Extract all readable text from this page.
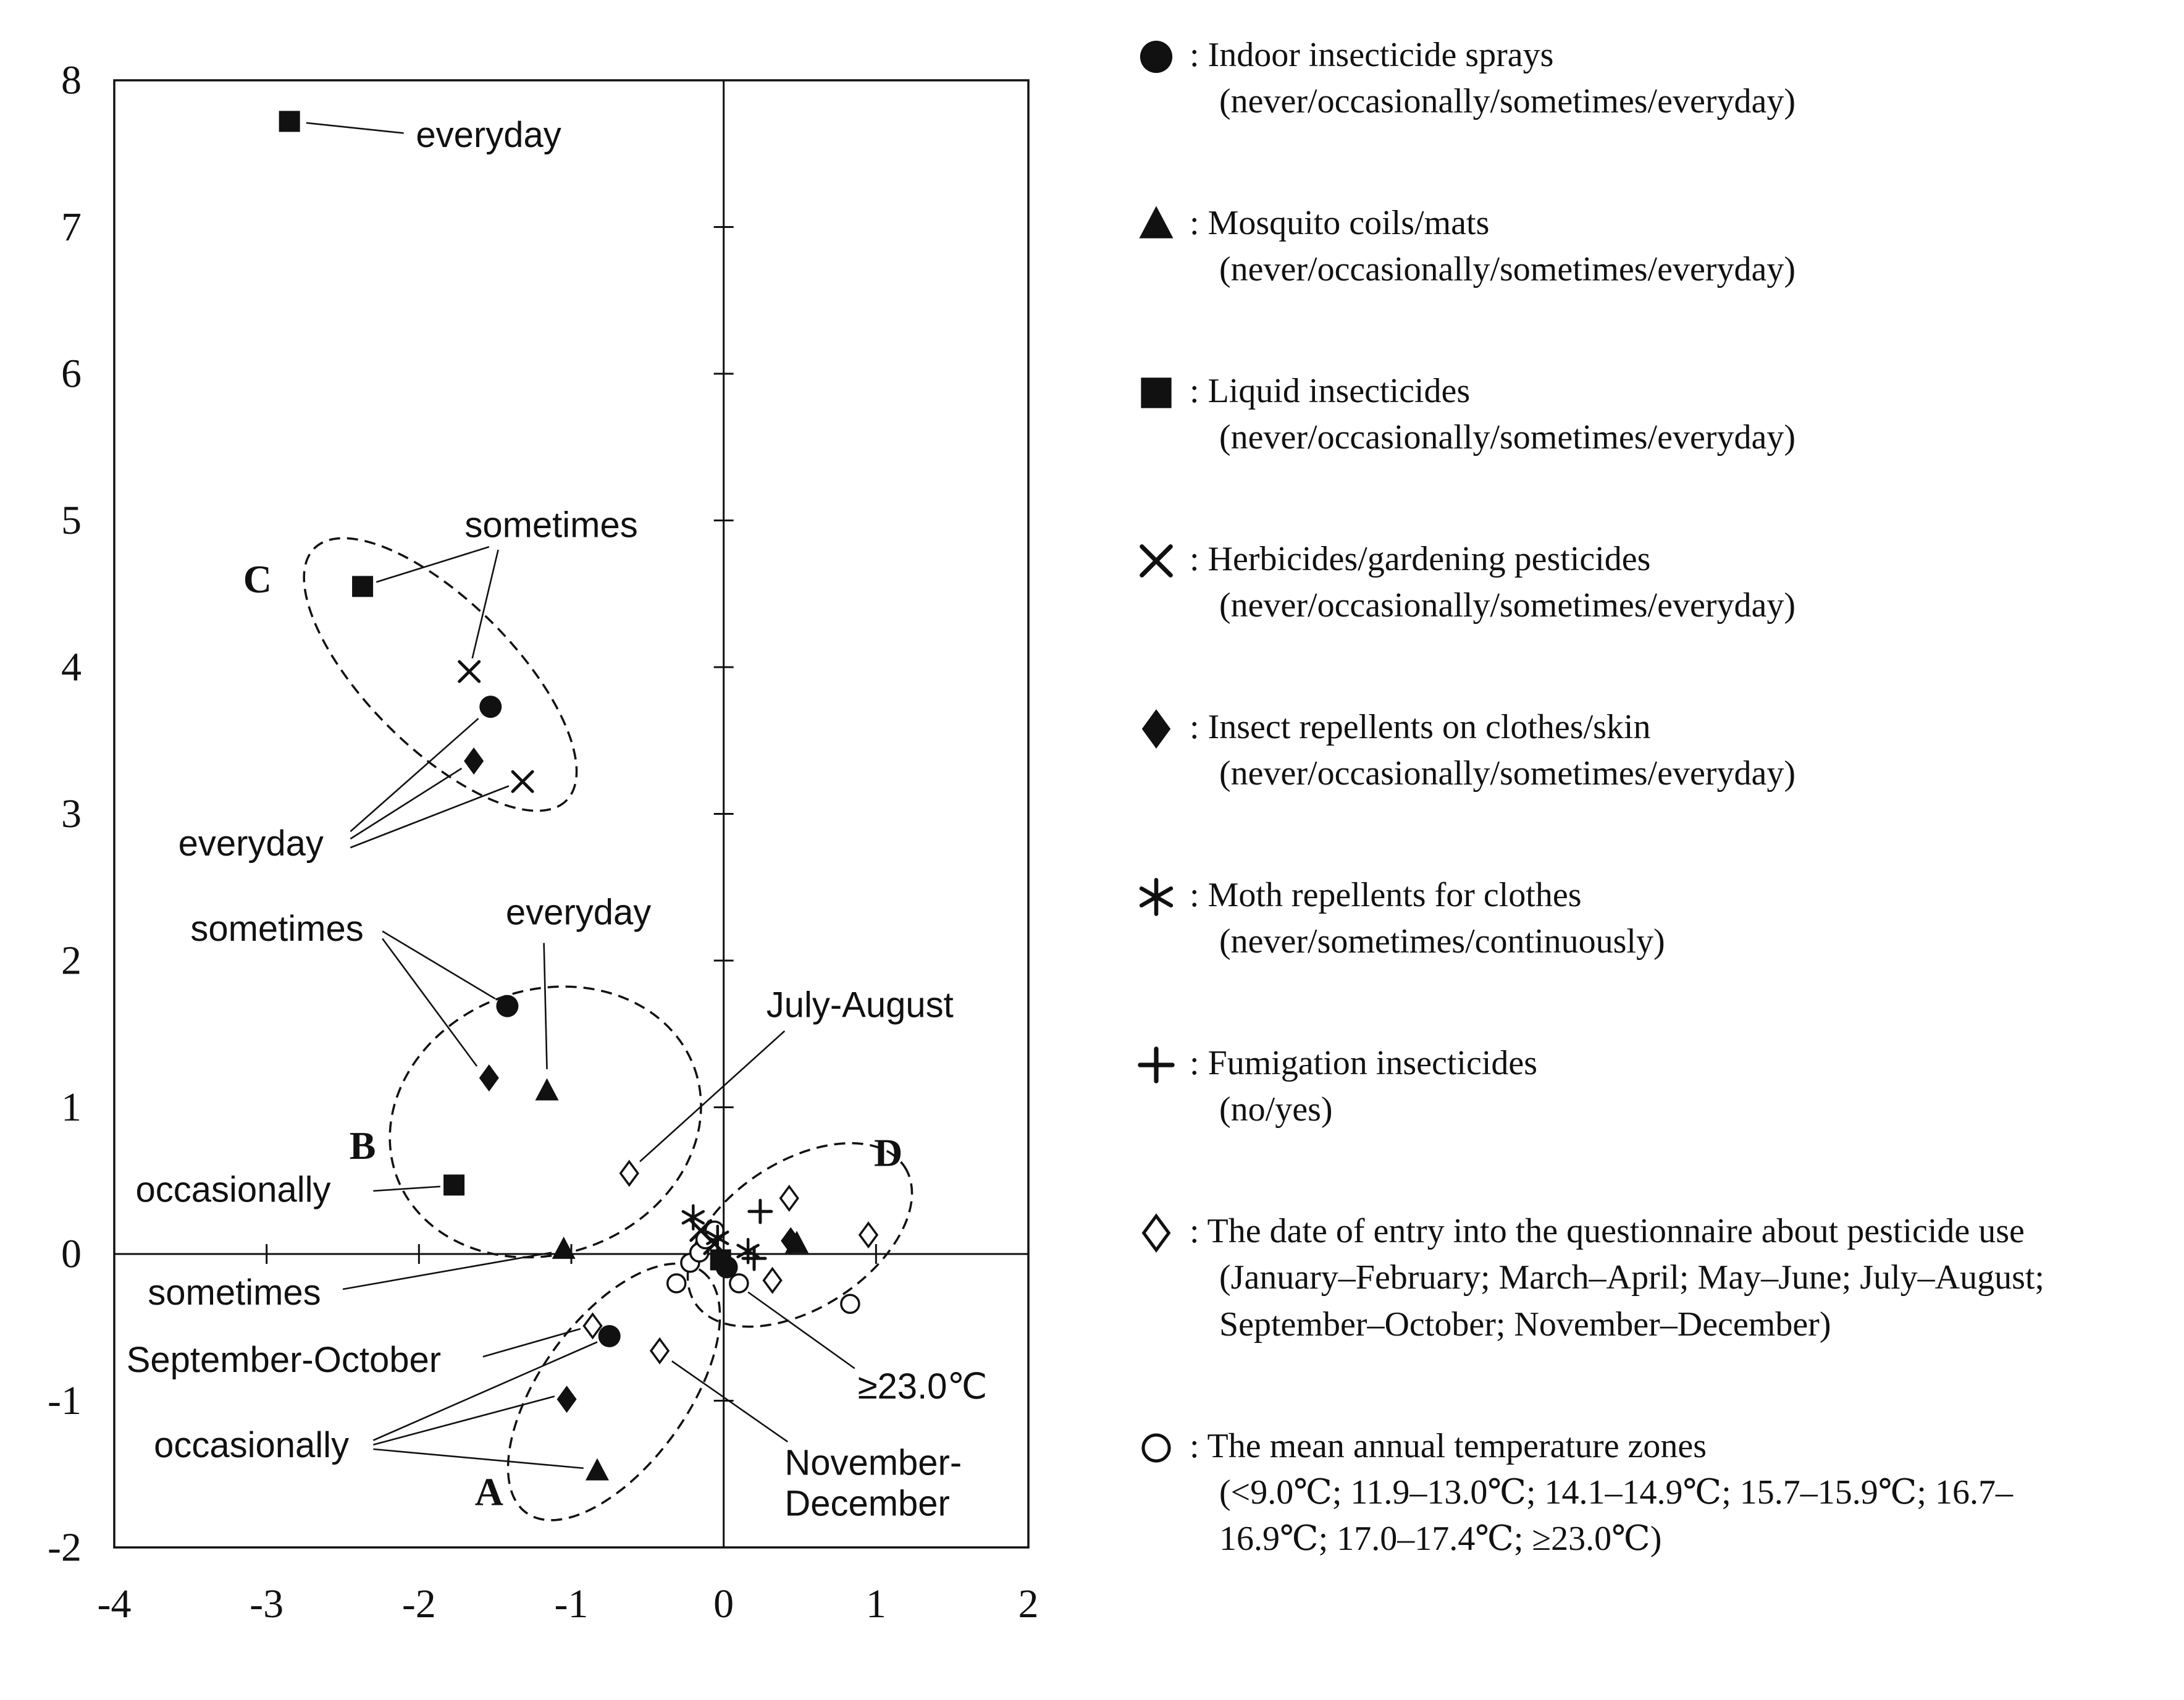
-4	-3	-2	-1	0	1	2
8
7
6
5
4
3
2
1
0
-1
-2
A
B
C
D
everyday
sometimes
everyday
sometimes	everyday
July-August
occasionally
sometimes
September-October
occasionally
≥23.0℃
November-December
: Indoor insecticide sprays
(never/occasionally/sometimes/everyday)
: Mosquito coils/mats
(never/occasionally/sometimes/everyday)
: Liquid insecticides
(never/occasionally/sometimes/everyday)
: Herbicides/gardening pesticides
(never/occasionally/sometimes/everyday)
: Insect repellents on clothes/skin
(never/occasionally/sometimes/everyday)
: Moth repellents for clothes
(never/sometimes/continuously)
: Fumigation insecticides
(no/yes)
: The date of entry into the questionnaire about pesticide use
(January–February; March–April; May–June; July–August; September–October; November–December)
: The mean annual temperature zones
(<9.0℃; 11.9–13.0℃; 14.1–14.9℃; 15.7–15.9℃; 16.7–16.9℃; 17.0–17.4℃; ≥23.0℃)
